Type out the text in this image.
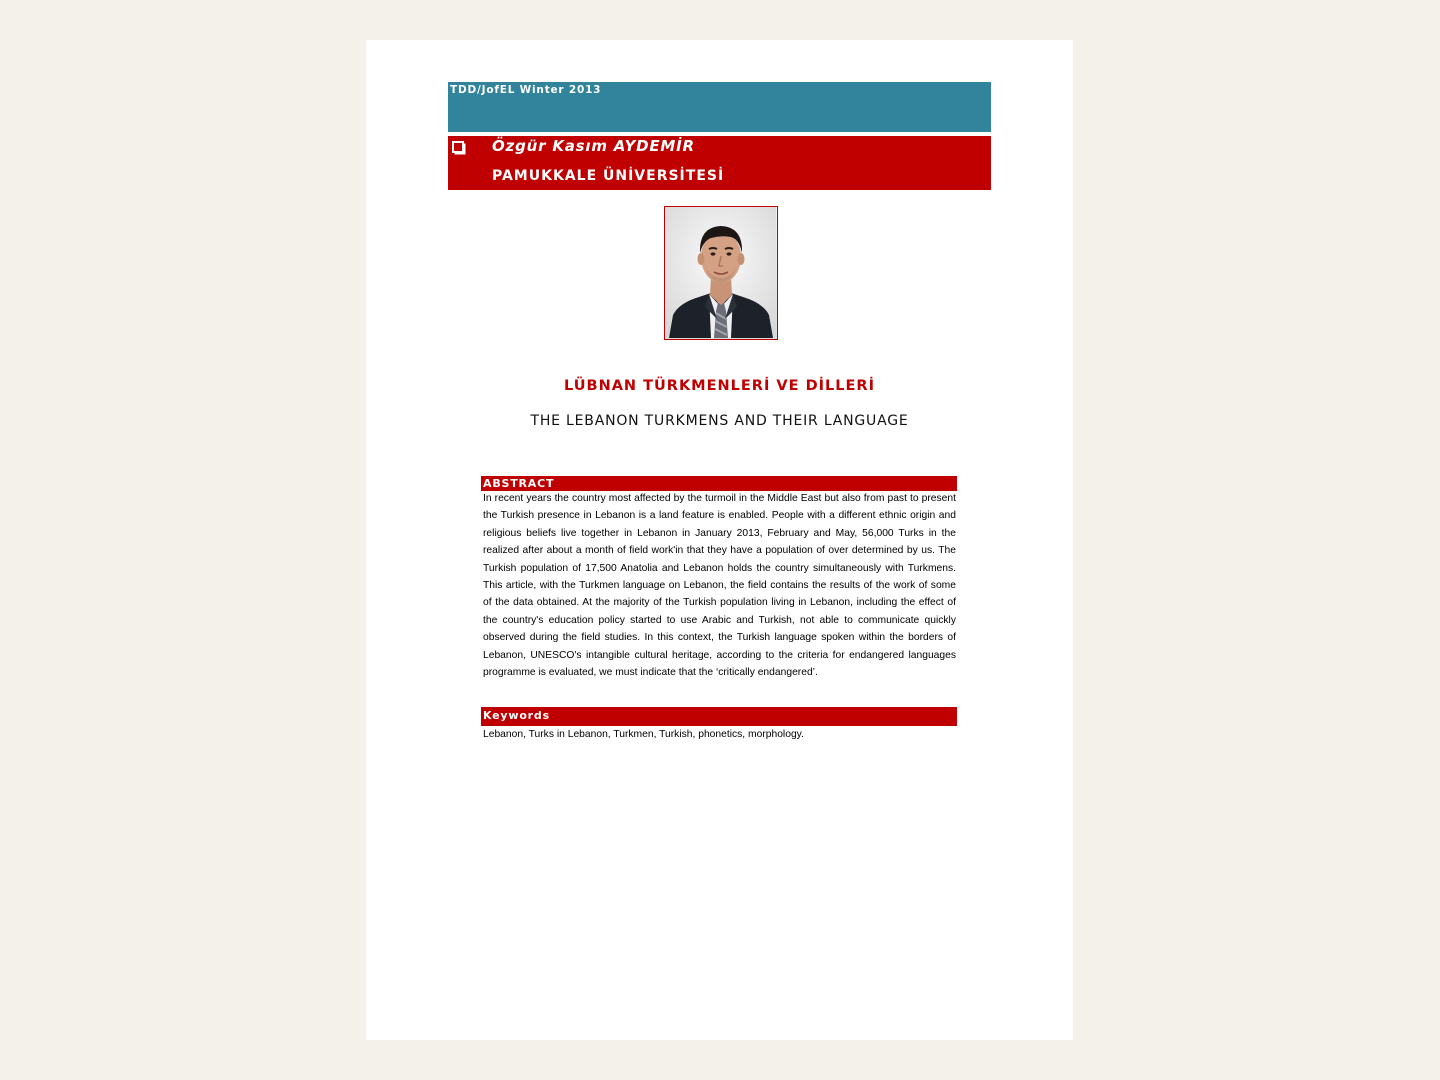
TDD/JofEL Winter 2013
Özgür Kasım AYDEMİR
PAMUKKALE ÜNİVERSİTESİ
LÜBNAN TÜRKMENLERİ VE DİLLERİ
THE LEBANON TURKMENS AND THEIR LANGUAGE
ABSTRACT

In recent years the country most affected by the turmoil in the Middle East but also from past to present the Turkish presence in Lebanon is a land feature is enabled. People with a different ethnic origin and religious beliefs live together in Lebanon in January 2013, February and May, 56,000 Turks in the realized after about a month of field work'in that they have a population of over determined by us. The Turkish population of 17,500 Anatolia and Lebanon holds the country simultaneously with Turkmens. This article, with the Turkmen language on Lebanon, the field contains the results of the work of some of the data obtained. At the majority of the Turkish population living in Lebanon, including the effect of the country's education policy started to use Arabic and Turkish, not able to communicate quickly observed during the field studies. In this context, the Turkish language spoken within the borders of Lebanon, UNESCO's intangible cultural heritage, according to the criteria for endangered languages programme is evaluated, we must indicate that the ‘critically endangered’.

Keywords

Lebanon, Turks in Lebanon, Turkmen, Turkish, phonetics, morphology.
